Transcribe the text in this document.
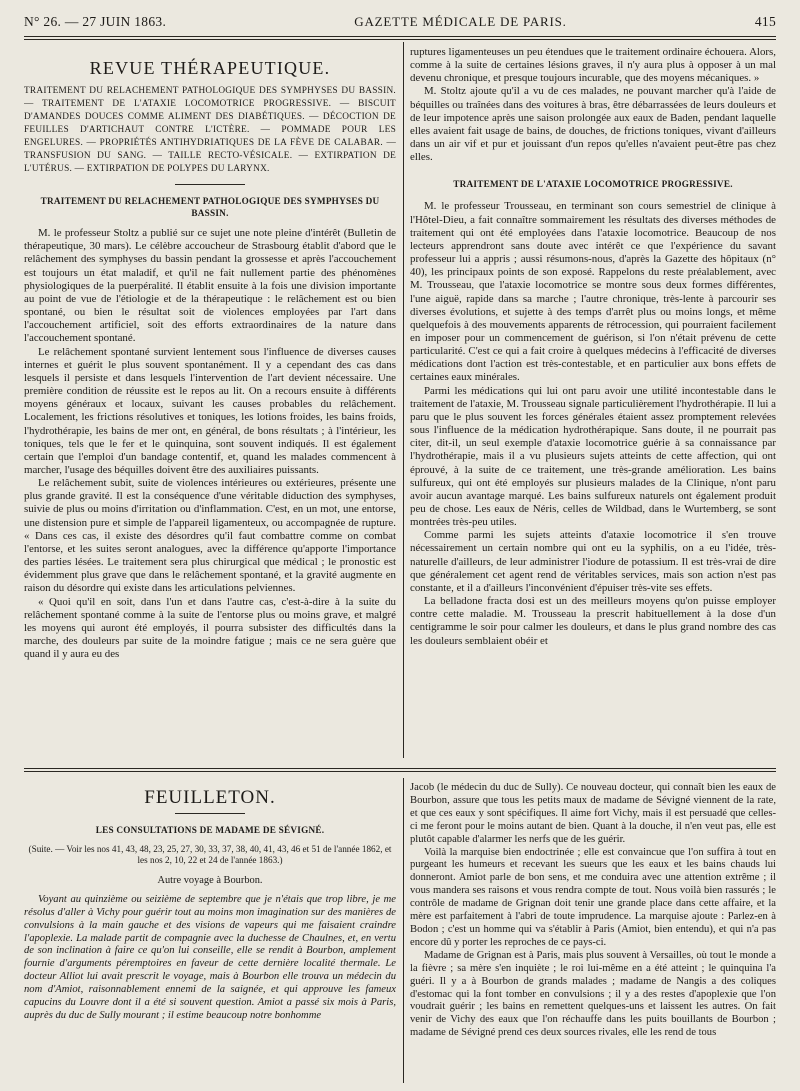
N° 26. — 27 JUIN 1863.	GAZETTE MÉDICALE DE PARIS.	415
REVUE THÉRAPEUTIQUE.

TRAITEMENT DU RELACHEMENT PATHOLOGIQUE DES SYMPHYSES DU BASSIN. — TRAITEMENT DE L'ATAXIE LOCOMOTRICE PROGRESSIVE. — BISCUIT D'AMANDES DOUCES COMME ALIMENT DES DIABÉTIQUES. — DÉCOCTION DE FEUILLES D'ARTICHAUT CONTRE L'ICTÈRE. — POMMADE POUR LES ENGELURES. — PROPRIÉTÉS ANTIHYDRIATIQUES DE LA FÈVE DE CALABAR. — TRANSFUSION DU SANG. — TAILLE RECTO-VÉSICALE. — EXTIRPATION DE L'UTÉRUS. — EXTIRPATION DE POLYPES DU LARYNX.

TRAITEMENT DU RELACHEMENT PATHOLOGIQUE DES SYMPHYSES DU BASSIN.

M. le professeur Stoltz a publié sur ce sujet une note pleine d'intérêt (Bulletin de thérapeutique, 30 mars). Le célèbre accoucheur de Strasbourg établit d'abord que le relâchement des symphyses du bassin pendant la grossesse et après l'accouchement est toujours un état maladif, et qu'il ne fait nullement partie des phénomènes physiologiques de la puerpéralité. Il établit ensuite à la fois une division importante au point de vue de l'étiologie et de la thérapeutique : le relâchement est ou bien spontané, ou bien le résultat soit de violences employées par l'art dans l'accouchement artificiel, soit des efforts extraordinaires de la nature dans l'accouchement spontané.

Le relâchement spontané survient lentement sous l'influence de diverses causes internes et guérit le plus souvent spontanément. Il y a cependant des cas dans lesquels il persiste et dans lesquels l'intervention de l'art devient nécessaire. Une première condition de réussite est le repos au lit. On a recours ensuite à différents moyens généraux et locaux, suivant les causes probables du relâchement. Localement, les frictions résolutives et toniques, les lotions froides, les bains froids, l'hydrothérapie, les bains de mer ont, en général, de bons résultats ; à l'intérieur, les toniques, tels que le fer et le quinquina, sont souvent indiqués. Il est également certain que l'emploi d'un bandage contentif, et, quand les malades commencent à marcher, l'usage des béquilles doivent être des auxiliaires puissants.

Le relâchement subit, suite de violences intérieures ou extérieures, présente une plus grande gravité. Il est la conséquence d'une véritable diduction des symphyses, suivie de plus ou moins d'irritation ou d'inflammation. C'est, en un mot, une entorse, une distension pure et simple de l'appareil ligamenteux, ou accompagnée de rupture. « Dans ces cas, il existe des désordres qu'il faut combattre comme on combat l'entorse, et les suites seront analogues, avec la différence qu'apporte l'importance des parties lésées. Le traitement sera plus chirurgical que médical ; le pronostic est évidemment plus grave que dans le relâchement spontané, et la gravité augmente en raison du désordre qui existe dans les articulations pelviennes.

« Quoi qu'il en soit, dans l'un et dans l'autre cas, c'est-à-dire à la suite du relâchement spontané comme à la suite de l'entorse plus ou moins grave, et malgré les moyens qui auront été employés, il pourra subsister des difficultés dans la marche, des douleurs par suite de la moindre fatigue ; mais ce ne sera guère que quand il y aura eu des

ruptures ligamenteuses un peu étendues que le traitement ordinaire échouera. Alors, comme à la suite de certaines lésions graves, il n'y aura plus à opposer à un mal devenu chronique, et presque toujours incurable, que des moyens mécaniques. »

M. Stoltz ajoute qu'il a vu de ces malades, ne pouvant marcher qu'à l'aide de béquilles ou traînées dans des voitures à bras, être débarrassées de leurs douleurs et de leur impotence après une saison prolongée aux eaux de Baden, pendant laquelle elles avaient fait usage de bains, de douches, de frictions toniques, vivant d'ailleurs dans un air vif et pur et jouissant d'un repos qu'elles n'avaient peut-être pas chez elles.

TRAITEMENT DE L'ATAXIE LOCOMOTRICE PROGRESSIVE.

M. le professeur Trousseau, en terminant son cours semestriel de clinique à l'Hôtel-Dieu, a fait connaître sommairement les résultats des diverses méthodes de traitement qui ont été employées dans l'ataxie locomotrice. Beaucoup de nos lecteurs apprendront sans doute avec intérêt ce que l'expérience du savant professeur lui a appris ; aussi résumons-nous, d'après la Gazette des hôpitaux (n° 40), les principaux points de son exposé. Rappelons du reste préalablement, avec M. Trousseau, que l'ataxie locomotrice se montre sous deux formes différentes, l'une aiguë, rapide dans sa marche ; l'autre chronique, très-lente à parcourir ses diverses évolutions, et sujette à des temps d'arrêt plus ou moins longs, et même quelquefois à des mouvements apparents de rétrocession, qui pourraient facilement en imposer pour un commencement de guérison, si l'on n'était prévenu de cette particularité. C'est ce qui a fait croire à quelques médecins à l'efficacité de diverses médications dont l'action est très-contestable, et en particulier aux bons effets de certaines eaux minérales.

Parmi les médications qui lui ont paru avoir une utilité incontestable dans le traitement de l'ataxie, M. Trousseau signale particulièrement l'hydrothérapie. Il lui a paru que le plus souvent les forces générales étaient assez promptement relevées sous l'influence de la médication hydrothérapique. Sans doute, il ne pourrait pas citer, dit-il, un seul exemple d'ataxie locomotrice guérie à sa connaissance par l'hydrothérapie, mais il a vu plusieurs sujets atteints de cette affection, qui ont éprouvé, à la suite de ce traitement, une très-grande amélioration. Les bains sulfureux, qui ont été employés sur plusieurs malades de la Clinique, n'ont paru avoir aucun avantage marqué. Les bains sulfureux naturels ont également produit peu de chose. Les eaux de Néris, celles de Wildbad, dans le Wurtemberg, se sont montrées très-peu utiles.

Comme parmi les sujets atteints d'ataxie locomotrice il s'en trouve nécessairement un certain nombre qui ont eu la syphilis, on a eu l'idée, très-naturelle d'ailleurs, de leur administrer l'iodure de potassium. Il est très-vrai de dire que généralement cet agent rend de véritables services, mais son action n'est pas constante, et il a d'ailleurs l'inconvénient d'épuiser très-vite ses effets.

La belladone fracta dosi est un des meilleurs moyens qu'on puisse employer contre cette maladie. M. Trousseau la prescrit habituellement à la dose d'un centigramme le soir pour calmer les douleurs, et dans le plus grand nombre des cas les douleurs semblaient obéir et

FEUILLETON.
LES CONSULTATIONS DE MADAME DE SÉVIGNÉ.

(Suite. — Voir les nos 41, 43, 48, 23, 25, 27, 30, 33, 37, 38, 40, 41, 43, 46 et 51 de l'année 1862, et les nos 2, 10, 22 et 24 de l'année 1863.)

Autre voyage à Bourbon.

Voyant au quinzième ou seizième de septembre que je n'étais que trop libre, je me résolus d'aller à Vichy pour guérir tout au moins mon imagination sur des manières de convulsions à la main gauche et des visions de vapeurs qui me faisaient craindre l'apoplexie. La malade partit de compagnie avec la duchesse de Chaulnes, et, en vertu de son inclination à faire ce qu'on lui conseille, elle se rendit à Bourbon, amplement fournie d'arguments péremptoires en faveur de cette dernière localité thermale. Le docteur Alliot lui avait prescrit le voyage, mais à Bourbon elle trouva un médecin du nom d'Amiot, raisonnablement ennemi de la saignée, et qui approuve les fameux capucins du Louvre dont il a été si souvent question. Amiot a passé six mois à Paris, auprès du duc de Sully mourant ; il estime beaucoup notre bonhomme

Jacob (le médecin du duc de Sully). Ce nouveau docteur, qui connaît bien les eaux de Bourbon, assure que tous les petits maux de madame de Sévigné viennent de la rate, et que ces eaux y sont spécifiques. Il aime fort Vichy, mais il est persuadé que celles-ci me feront pour le moins autant de bien. Quant à la douche, il n'en veut pas, elle est plutôt capable d'alarmer les nerfs que de les guérir.

Voilà la marquise bien endoctrinée ; elle est convaincue que l'on suffira à tout en purgeant les humeurs et recevant les sueurs que les eaux et les bains chauds lui donneront. Amiot parle de bon sens, et me conduira avec une attention extrême ; il vous mandera ses raisons et vous rendra compte de tout. Nous voilà bien rassurés ; le contrôle de madame de Grignan doit tenir une grande place dans cette affaire, et la mère est parfaitement à l'abri de toute imprudence. La marquise ajoute : Parlez-en à Bodon ; c'est un homme qui va s'établir à Paris (Amiot, bien entendu), et qui n'a pas encore dû y porter les reproches de ce pays-ci.

Madame de Grignan est à Paris, mais plus souvent à Versailles, où tout le monde a la fièvre ; sa mère s'en inquiète ; le roi lui-même en a été atteint ; le quinquina l'a guéri. Il y a à Bourbon de grands malades ; madame de Nangis a des coliques d'estomac qui la font tomber en convulsions ; il y a des restes d'apoplexie que l'on voudrait guérir ; les bains en remettent quelques-uns et laissent les autres. On fait venir de Vichy des eaux que l'on réchauffe dans les puits bouillants de Bourbon ; madame de Sévigné prend ces deux sources rivales, elle les rend de tous
